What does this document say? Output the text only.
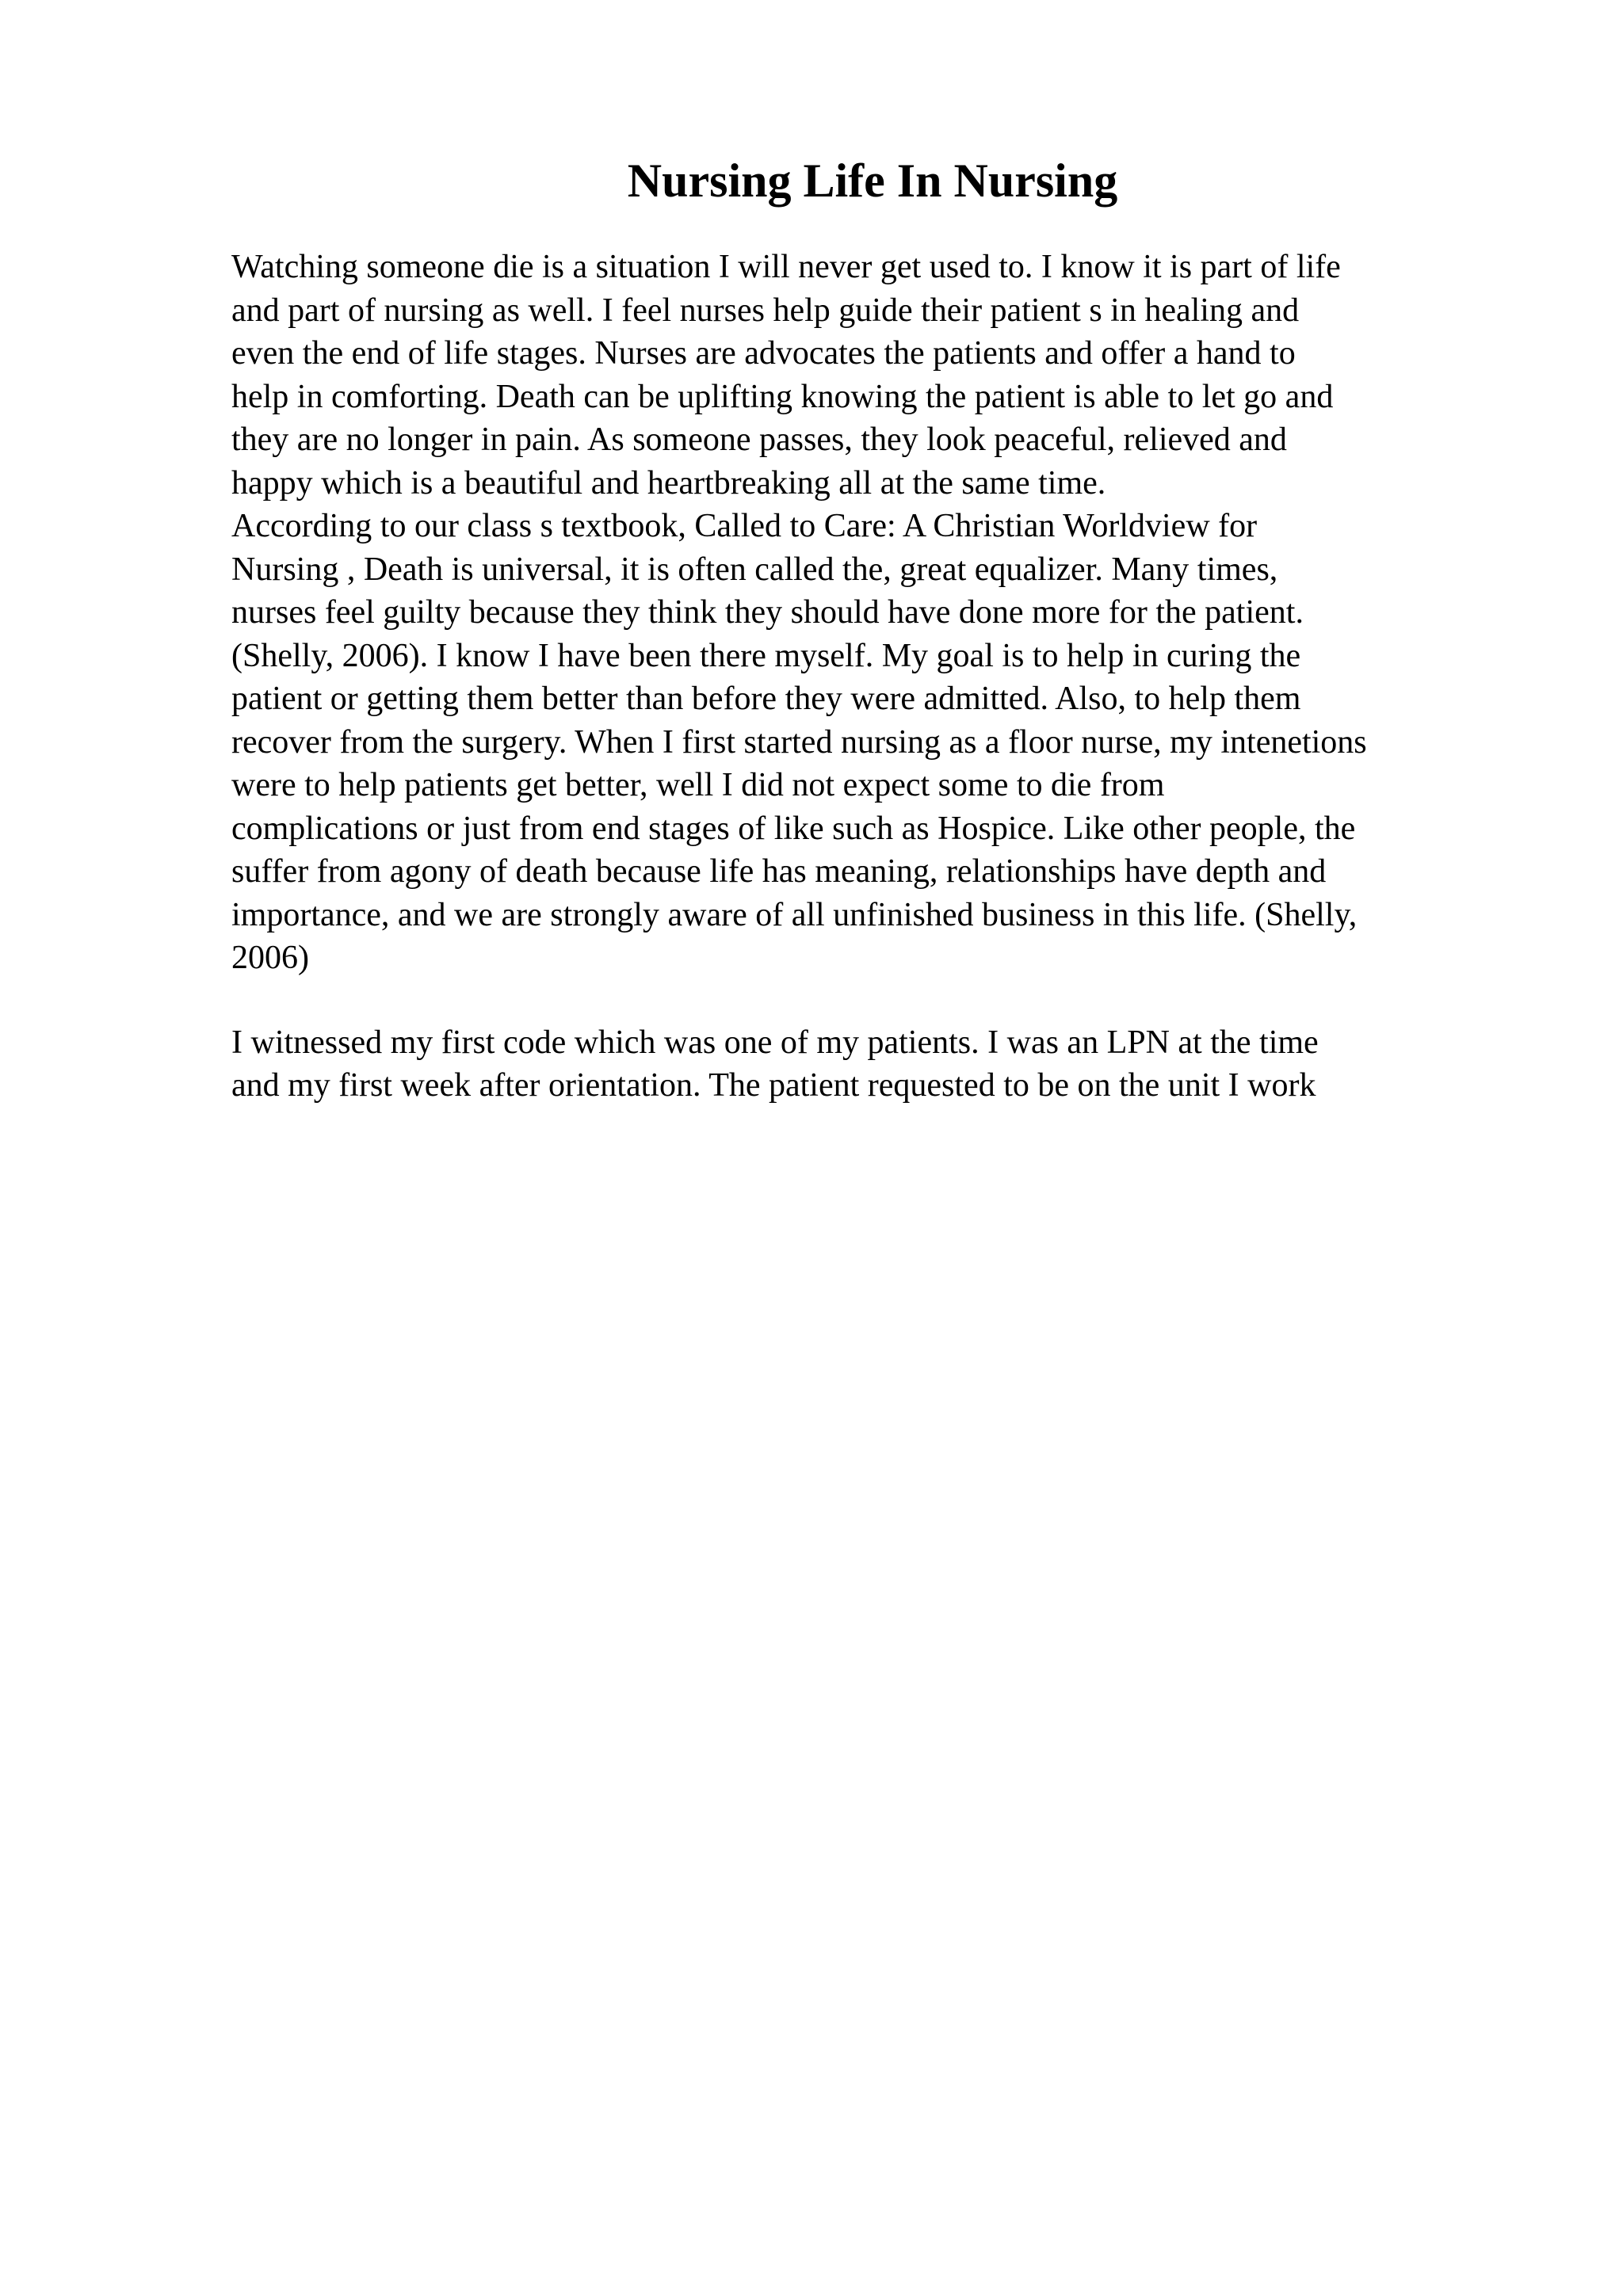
Nursing Life In Nursing
Watching someone die is a situation I will never get used to. I know it is part of life
and part of nursing as well. I feel nurses help guide their patient s in healing and
even the end of life stages. Nurses are advocates the patients and offer a hand to
help in comforting. Death can be uplifting knowing the patient is able to let go and
they are no longer in pain. As someone passes, they look peaceful, relieved and
happy which is a beautiful and heartbreaking all at the same time.
According to our class s textbook, Called to Care: A Christian Worldview for
Nursing , Death is universal, it is often called the, great equalizer. Many times,
nurses feel guilty because they think they should have done more for the patient.
(Shelly, 2006). I know I have been there myself. My goal is to help in curing the
patient or getting them better than before they were admitted. Also, to help them
recover from the surgery. When I first started nursing as a floor nurse, my intenetions
were to help patients get better, well I did not expect some to die from
complications or just from end stages of like such as Hospice. Like other people, the
suffer from agony of death because life has meaning, relationships have depth and
importance, and we are strongly aware of all unfinished business in this life. (Shelly,
2006)
I witnessed my first code which was one of my patients. I was an LPN at the time
and my first week after orientation. The patient requested to be on the unit I work
